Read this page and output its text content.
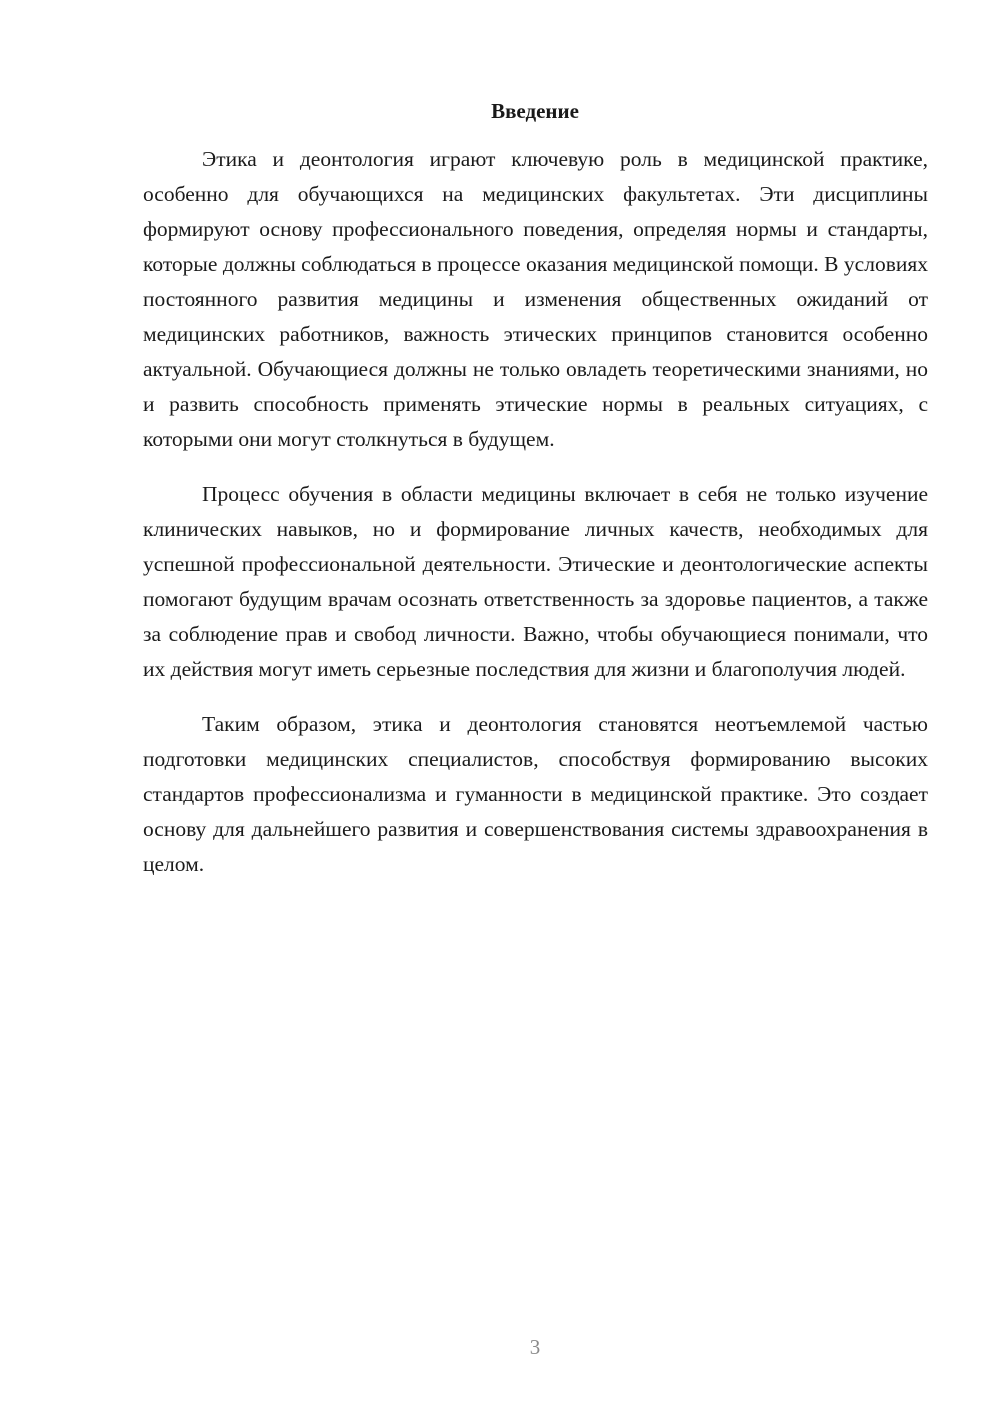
Введение

Этика и деонтология играют ключевую роль в медицинской практике, особенно для обучающихся на медицинских факультетах. Эти дисциплины формируют основу профессионального поведения, определяя нормы и стандарты, которые должны соблюдаться в процессе оказания медицинской помощи. В условиях постоянного развития медицины и изменения общественных ожиданий от медицинских работников, важность этических принципов становится особенно актуальной. Обучающиеся должны не только овладеть теоретическими знаниями, но и развить способность применять этические нормы в реальных ситуациях, с которыми они могут столкнуться в будущем.

Процесс обучения в области медицины включает в себя не только изучение клинических навыков, но и формирование личных качеств, необходимых для успешной профессиональной деятельности. Этические и деонтологические аспекты помогают будущим врачам осознать ответственность за здоровье пациентов, а также за соблюдение прав и свобод личности. Важно, чтобы обучающиеся понимали, что их действия могут иметь серьезные последствия для жизни и благополучия людей.

Таким образом, этика и деонтология становятся неотъемлемой частью подготовки медицинских специалистов, способствуя формированию высоких стандартов профессионализма и гуманности в медицинской практике. Это создает основу для дальнейшего развития и совершенствования системы здравоохранения в целом.

3
